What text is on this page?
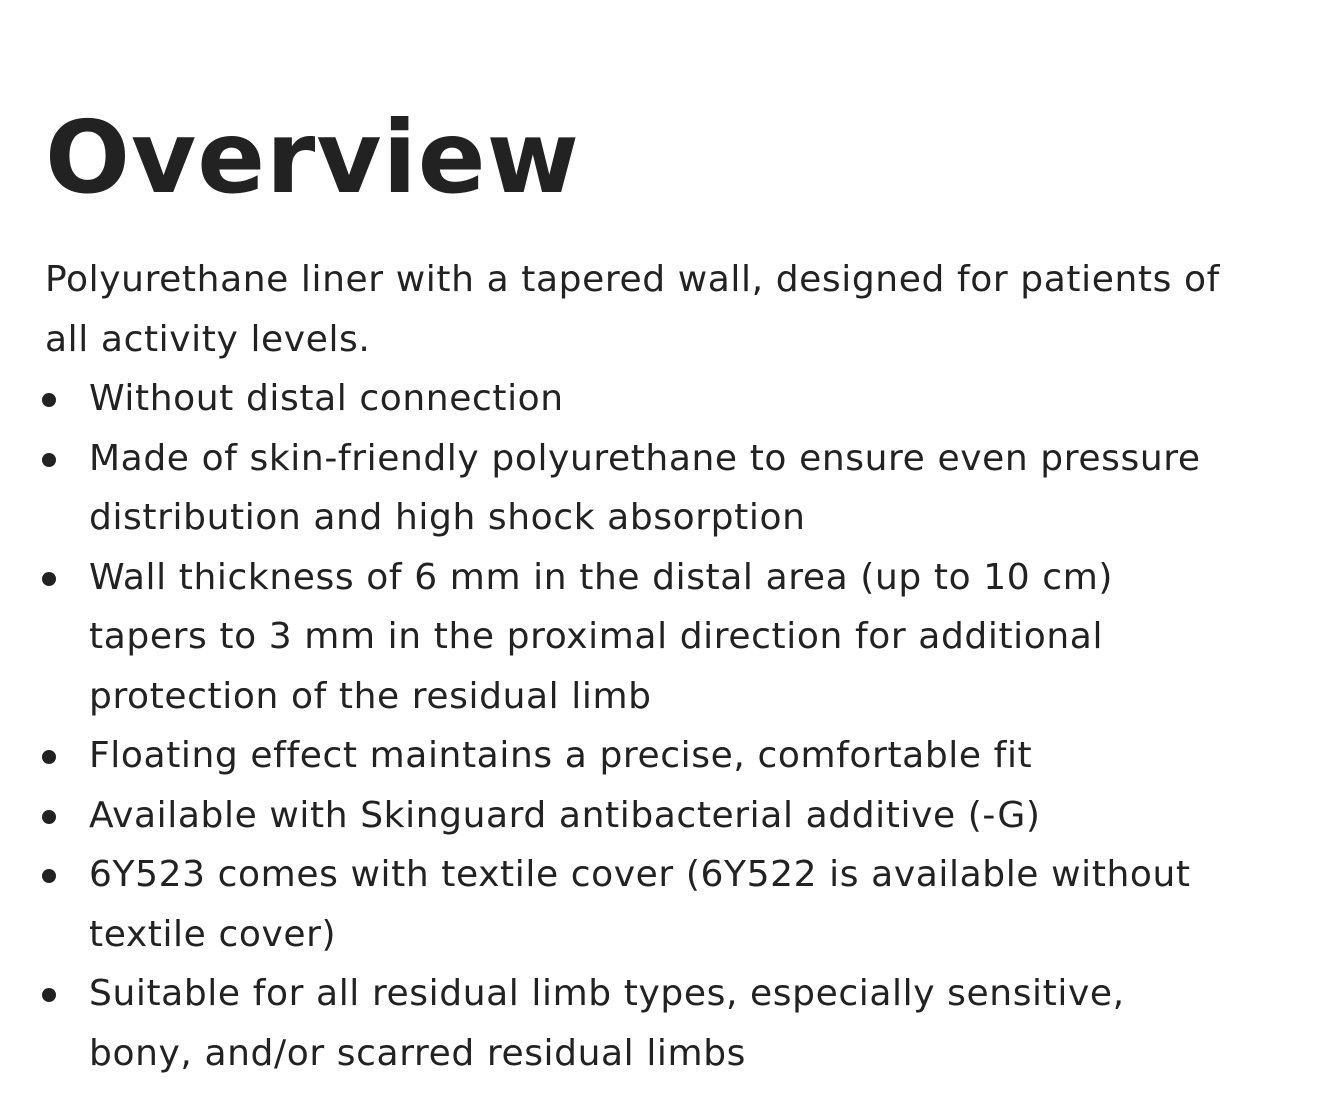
Overview

Polyurethane liner with a tapered wall, designed for patients of all activity levels.

Without distal connection
Made of skin-friendly polyurethane to ensure even pressure distribution and high shock absorption
Wall thickness of 6 mm in the distal area (up to 10 cm) tapers to 3 mm in the proximal direction for additional protection of the residual limb
Floating effect maintains a precise, comfortable fit
Available with Skinguard antibacterial additive (-G)
6Y523 comes with textile cover (6Y522 is available without textile cover)
Suitable for all residual limb types, especially sensitive, bony, and/or scarred residual limbs
